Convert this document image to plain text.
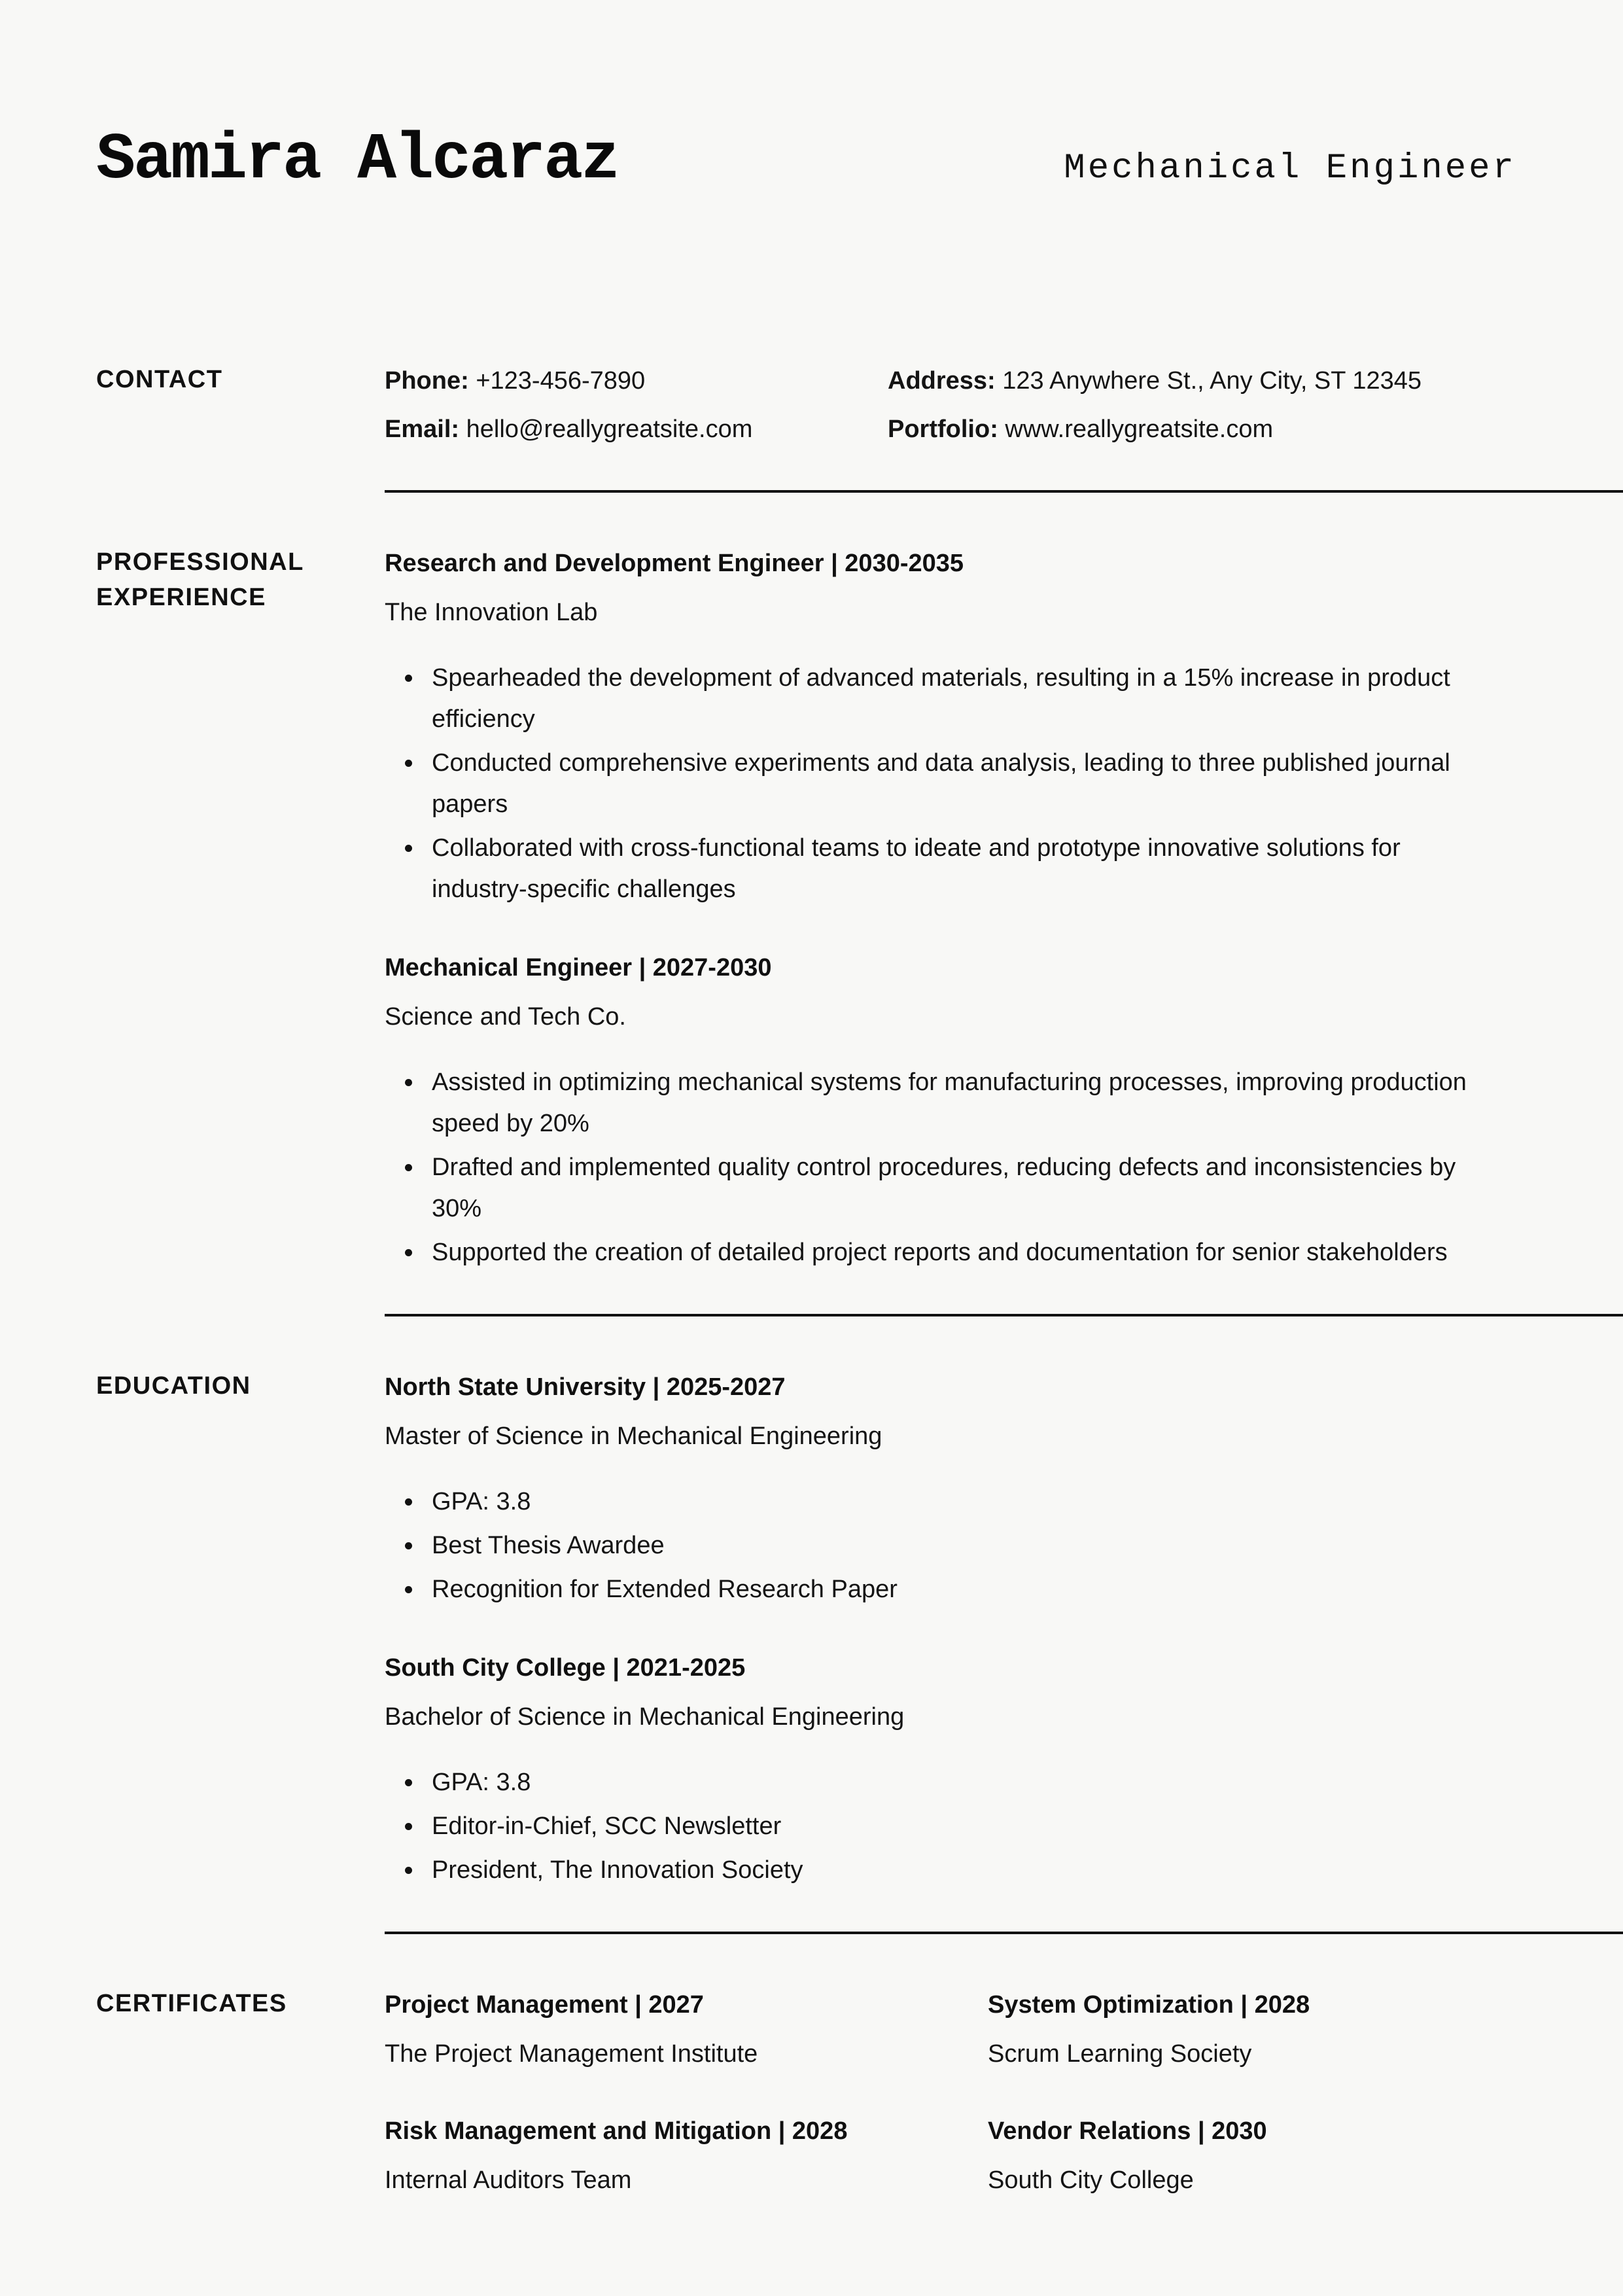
Samira Alcaraz	Mechanical Engineer
CONTACT	Phone: +123-456-7890	Address: 123 Anywhere St., Any City, ST 12345

Email: hello@reallygreatsite.com	Portfolio: www.reallygreatsite.com

PROFESSIONAL EXPERIENCE
Research and Development Engineer | 2030-2035

The Innovation Lab

Spearheaded the development of advanced materials, resulting in a 15% increase in product efficiency
Conducted comprehensive experiments and data analysis, leading to three published journal papers
Collaborated with cross-functional teams to ideate and prototype innovative solutions for industry-specific challenges
Mechanical Engineer | 2027-2030

Science and Tech Co.

Assisted in optimizing mechanical systems for manufacturing processes, improving production speed by 20%
Drafted and implemented quality control procedures, reducing defects and inconsistencies by 30%
Supported the creation of detailed project reports and documentation for senior stakeholders
EDUCATION	North State University | 2025-2027

Master of Science in Mechanical Engineering

GPA: 3.8
Best Thesis Awardee
Recognition for Extended Research Paper
South City College | 2021-2025

Bachelor of Science in Mechanical Engineering

GPA: 3.8
Editor-in-Chief, SCC Newsletter
President, The Innovation Society
CERTIFICATES	Project Management | 2027

The Project Management Institute

System Optimization | 2028

Scrum Learning Society

Risk Management and Mitigation | 2028

Internal Auditors Team

Vendor Relations | 2030

South City College
